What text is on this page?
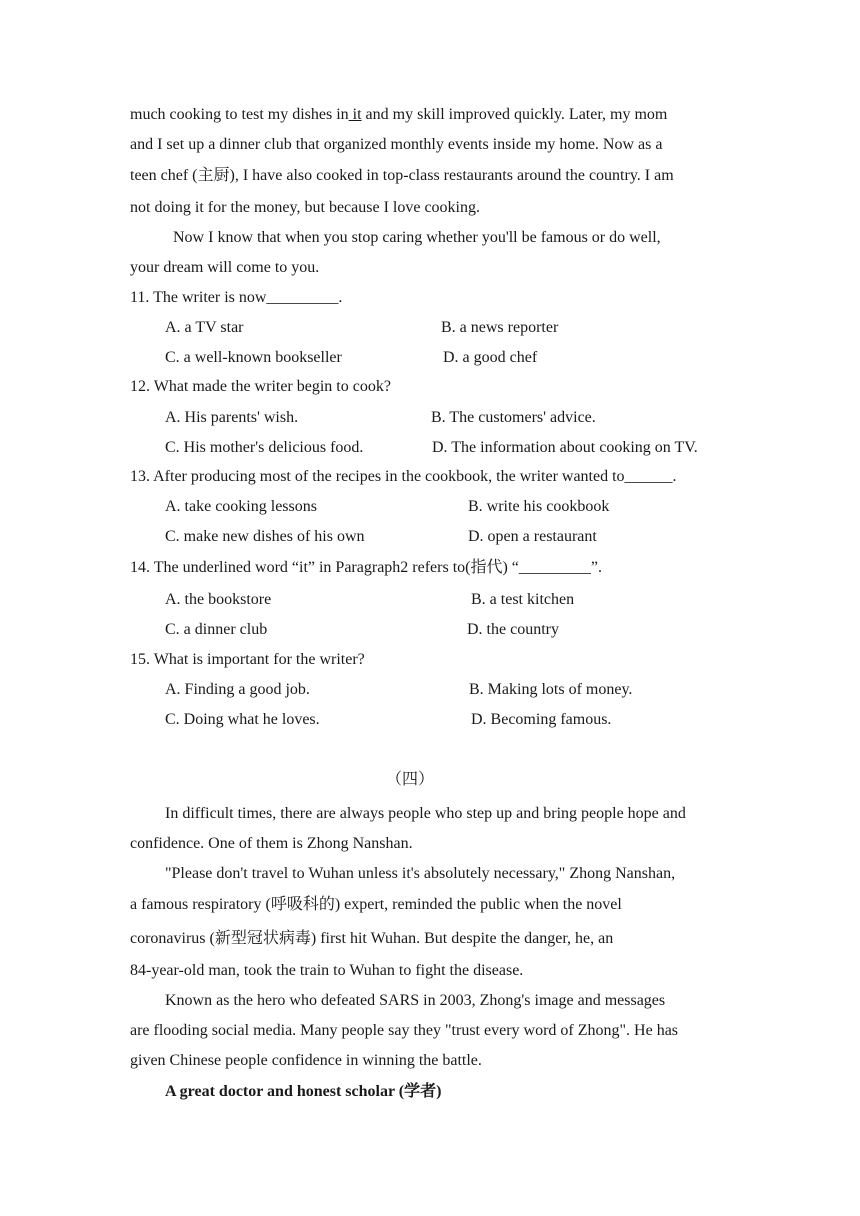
much cooking to test my dishes in it and my skill improved quickly. Later, my mom
and I set up a dinner club that organized monthly events inside my home. Now as a
teen chef (主厨), I have also cooked in top-class restaurants around the country. I am
not doing it for the money, but because I love cooking.
Now I know that when you stop caring whether you'll be famous or do well,
your dream will come to you.
11. The writer is now_________.
A. a TV star	B. a news reporter
C. a well-known bookseller	D. a good chef
12. What made the writer begin to cook?
A. His parents' wish.	B. The customers' advice.
C. His mother's delicious food.	D. The information about cooking on TV.
13. After producing most of the recipes in the cookbook, the writer wanted to______.
A. take cooking lessons	B. write his cookbook
C. make new dishes of his own	D. open a restaurant
14. The underlined word “it” in Paragraph2 refers to(指代) “_________”.
A. the bookstore	B. a test kitchen
C. a dinner club	D. the country
15. What is important for the writer?
A. Finding a good job.	B. Making lots of money.
C. Doing what he loves.	D. Becoming famous.
（四）
In difficult times, there are always people who step up and bring people hope and
confidence. One of them is Zhong Nanshan.
"Please don't travel to Wuhan unless it's absolutely necessary," Zhong Nanshan,
a famous respiratory (呼吸科的) expert, reminded the public when the novel
coronavirus (新型冠状病毒) first hit Wuhan. But despite the danger, he, an
84-year-old man, took the train to Wuhan to fight the disease.
Known as the hero who defeated SARS in 2003, Zhong's image and messages
are flooding social media. Many people say they "trust every word of Zhong". He has
given Chinese people confidence in winning the battle.
A great doctor and honest scholar (学者)
